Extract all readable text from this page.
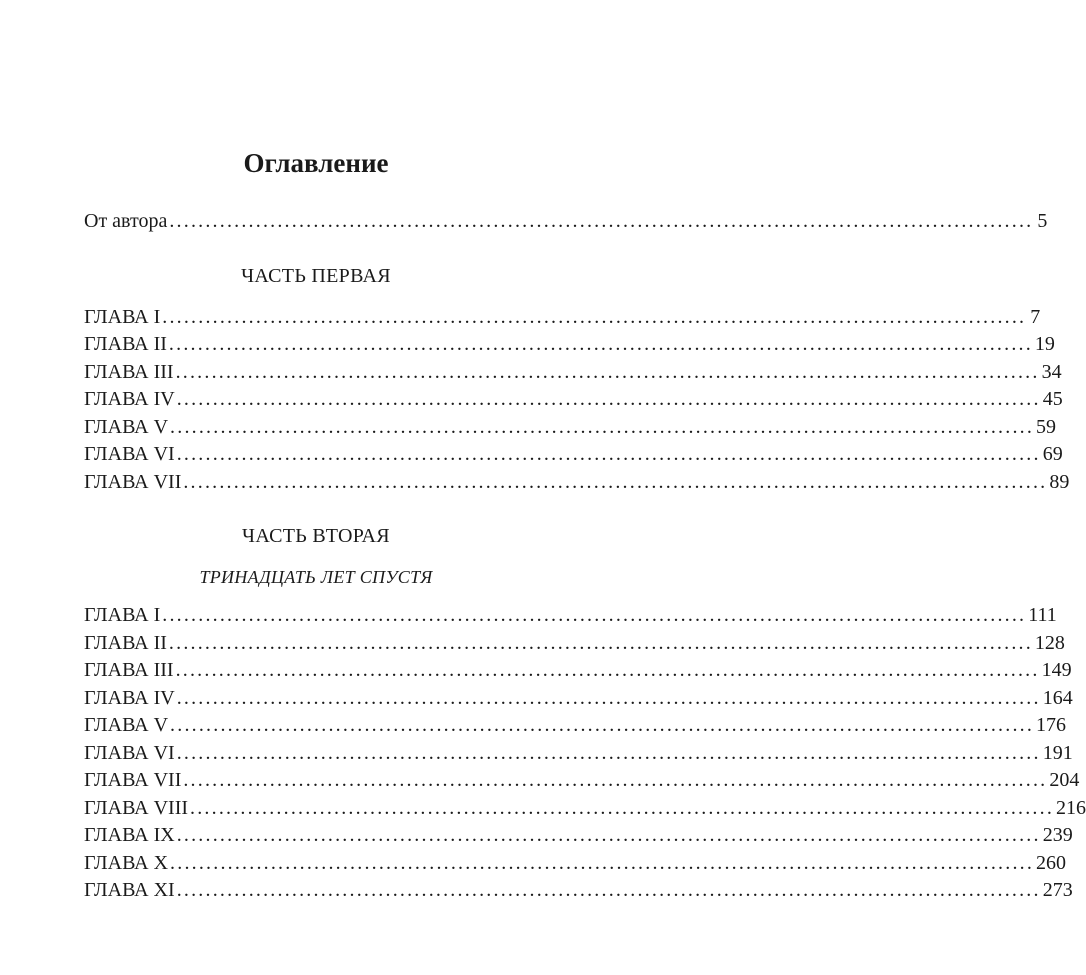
Оглавление
От автора ........................................................................................................................ 5
ЧАСТЬ ПЕРВАЯ
ГЛАВА I ........................................................................................................................ 7
ГЛАВА II ........................................................................................................................ 19
ГЛАВА III ........................................................................................................................ 34
ГЛАВА IV ........................................................................................................................ 45
ГЛАВА V ........................................................................................................................ 59
ГЛАВА VI ........................................................................................................................ 69
ГЛАВА VII ........................................................................................................................ 89
ЧАСТЬ ВТОРАЯ
ТРИНАДЦАТЬ ЛЕТ СПУСТЯ
ГЛАВА I ........................................................................................................................ 111
ГЛАВА II ........................................................................................................................ 128
ГЛАВА III ........................................................................................................................ 149
ГЛАВА IV ........................................................................................................................ 164
ГЛАВА V ........................................................................................................................ 176
ГЛАВА VI ........................................................................................................................ 191
ГЛАВА VII ........................................................................................................................ 204
ГЛАВА VIII ........................................................................................................................ 216
ГЛАВА IX ........................................................................................................................ 239
ГЛАВА X ........................................................................................................................ 260
ГЛАВА XI ........................................................................................................................ 273
